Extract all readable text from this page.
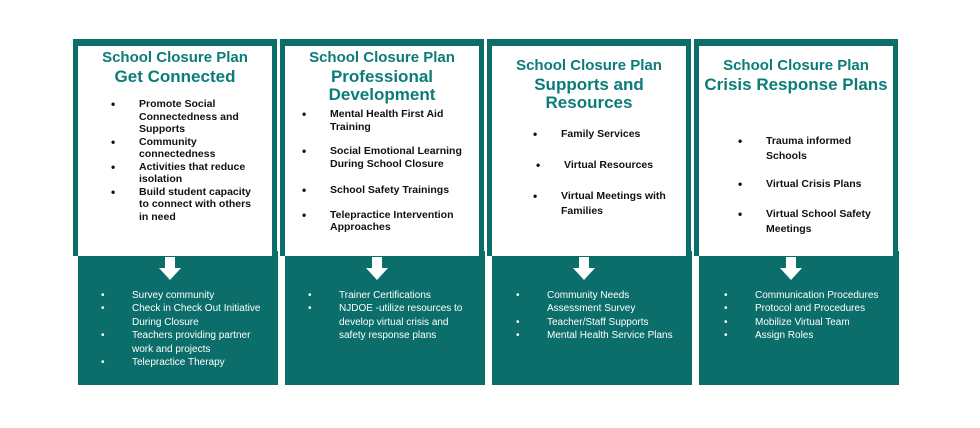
School Closure Plan
Get Connected
• Promote Social Connectedness and Supports
• Community connectedness
• Activities that reduce isolation
• Build student capacity to connect with others in need
• Survey community
• Check in Check Out Initiative During Closure
• Teachers providing partner work and projects
• Telepractice Therapy
School Closure Plan
Professional Development
• Mental Health First Aid Training
• Social Emotional Learning During School Closure
• School Safety Trainings
• Telepractice Intervention Approaches
• Trainer Certifications
• NJDOE -utilize resources to develop virtual crisis and safety response plans
School Closure Plan
Supports and Resources
• Family Services
• Virtual Resources
• Virtual Meetings with Families
• Community Needs Assessment Survey
• Teacher/Staff Supports
• Mental Health Service Plans
School Closure Plan
Crisis Response Plans
• Trauma informed Schools
• Virtual Crisis Plans
• Virtual School Safety Meetings
• Communication Procedures
• Protocol and Procedures
• Mobilize Virtual Team
• Assign Roles
